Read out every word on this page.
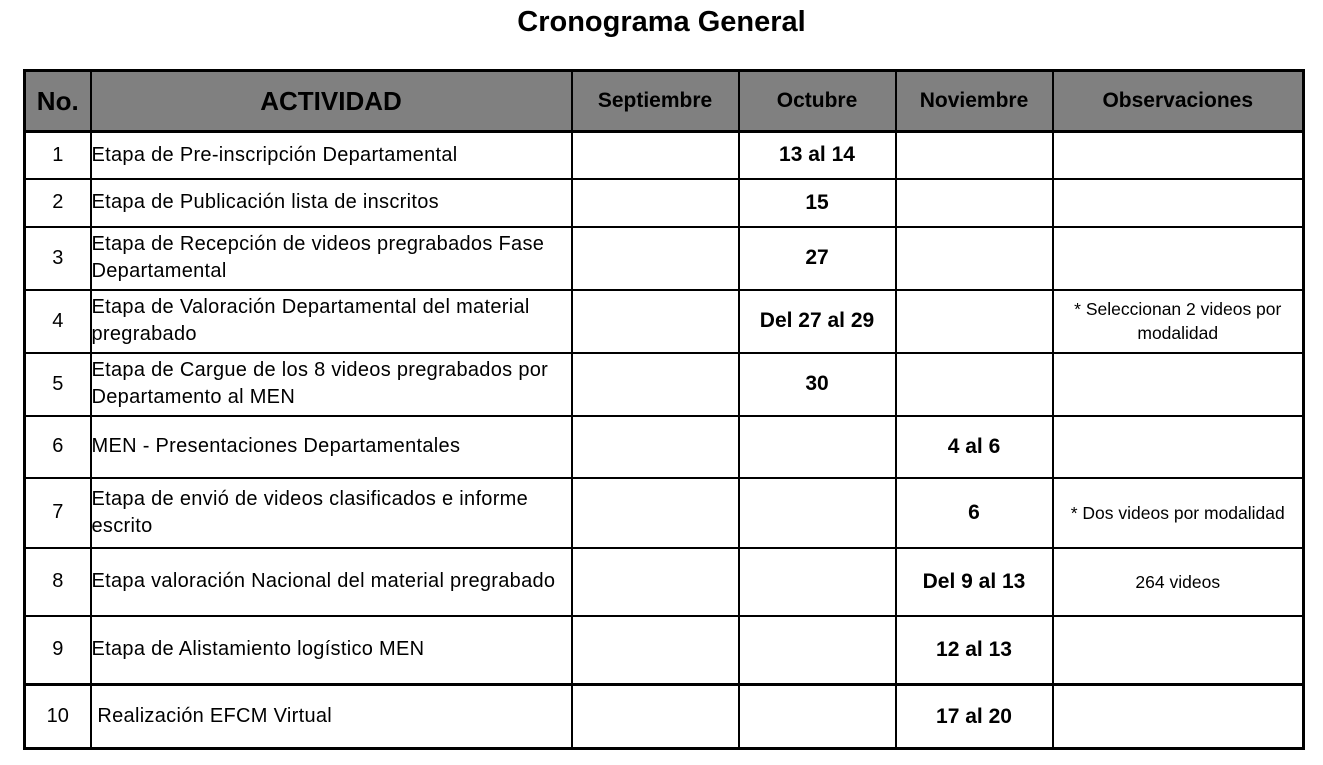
Cronograma General
No.	ACTIVIDAD	Septiembre	Octubre	Noviembre	Observaciones
1	Etapa de Pre-inscripción Departamental		13 al 14		
2	Etapa de Publicación lista de inscritos		15		
3	Etapa de Recepción de videos pregrabados Fase Departamental		27		
4	Etapa de Valoración Departamental del material pregrabado		Del 27 al 29		* Seleccionan 2 videos por modalidad
5	Etapa de Cargue de los 8 videos pregrabados por Departamento al MEN		30		
6	MEN - Presentaciones Departamentales			4 al 6	
7	Etapa de envió de videos clasificados e informe escrito			6	* Dos videos por modalidad
8	Etapa valoración Nacional del material pregrabado			Del 9 al 13	264 videos
9	Etapa de Alistamiento logístico MEN			12 al 13	
10	Realización EFCM Virtual			17 al 20	
